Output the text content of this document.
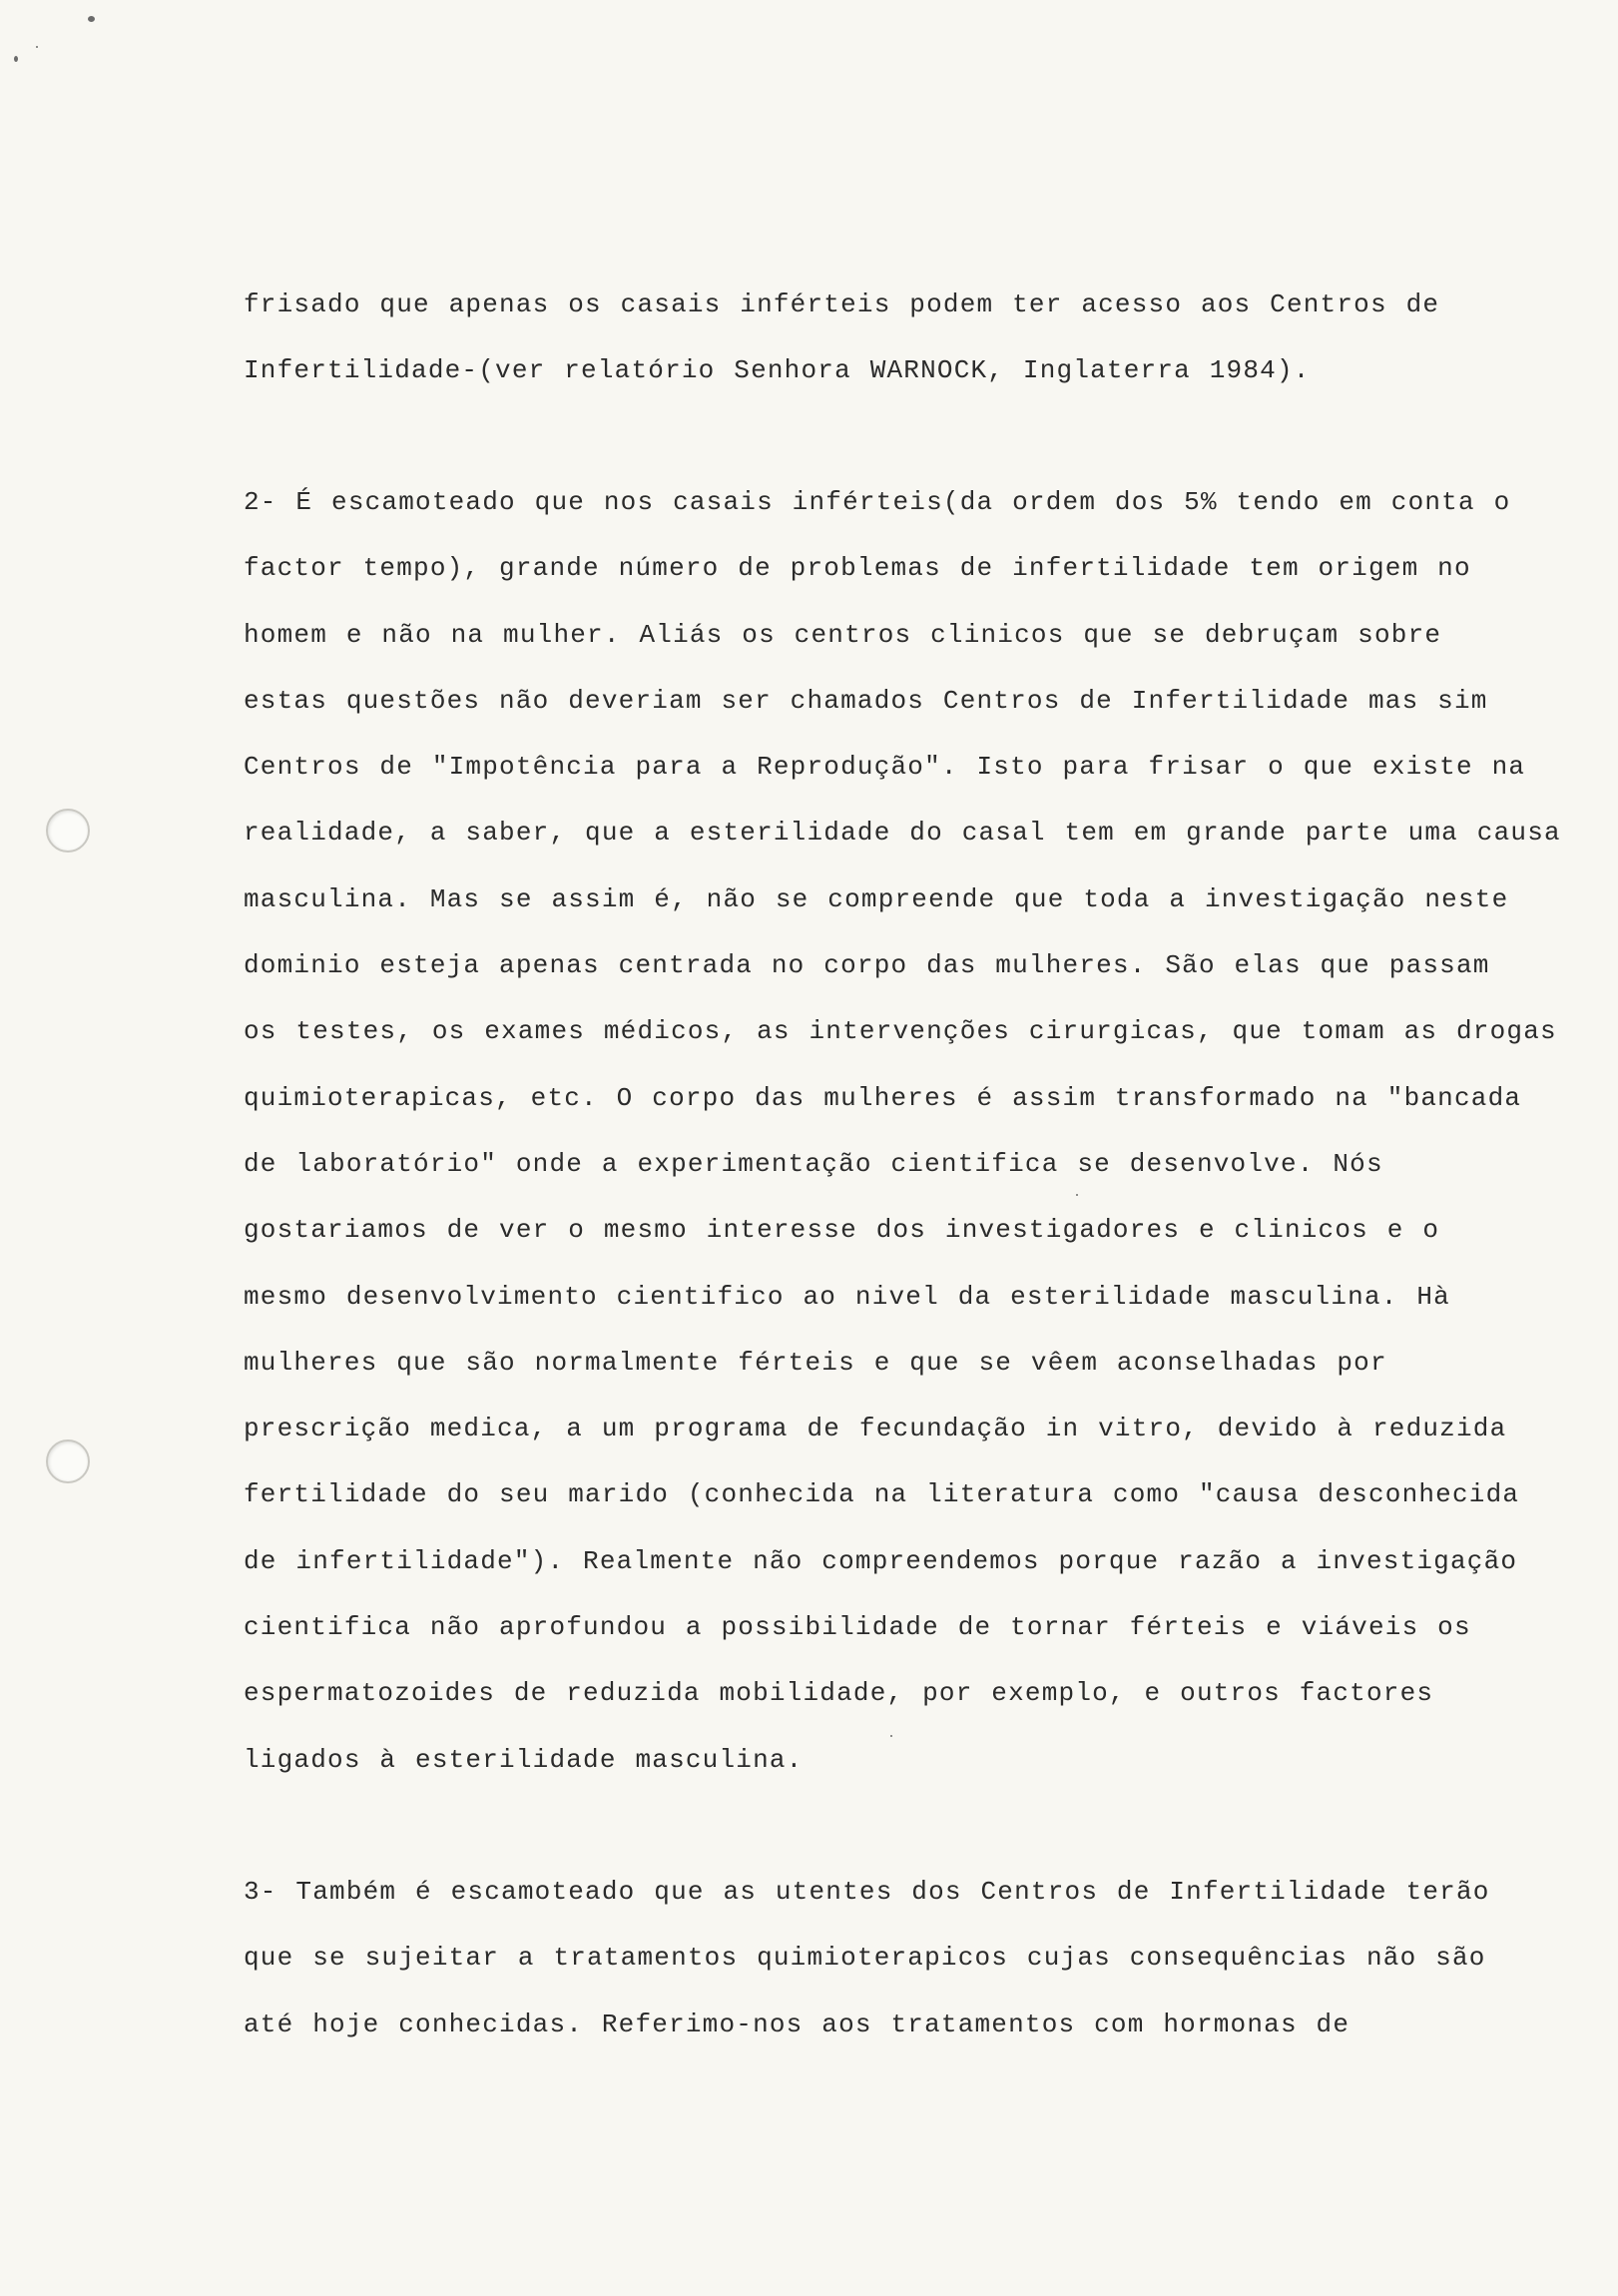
frisado que apenas os casais inférteis podem ter acesso aos Centros de
Infertilidade-(ver relatório Senhora WARNOCK, Inglaterra 1984).
2- É escamoteado que nos casais inférteis(da ordem dos 5% tendo em conta o
factor tempo), grande número de problemas de infertilidade tem origem no
homem e não na mulher. Aliás os centros clinicos que se debruçam sobre
estas questões não deveriam ser chamados Centros de Infertilidade mas sim
Centros de "Impotência para a Reprodução". Isto para frisar o que existe na
realidade, a saber, que a esterilidade do casal tem em grande parte uma causa
masculina. Mas se assim é, não se compreende que toda a investigação neste
dominio esteja apenas centrada no corpo das mulheres. São elas que passam
os testes, os exames médicos, as intervenções cirurgicas, que tomam as drogas
quimioterapicas, etc. O corpo das mulheres é assim transformado na "bancada
de laboratório" onde a experimentação cientifica se desenvolve. Nós
gostariamos de ver o mesmo interesse dos investigadores e clinicos e o
mesmo desenvolvimento cientifico ao nivel da esterilidade masculina. Hà
mulheres que são normalmente férteis e que se vêem aconselhadas por
prescrição medica, a um programa de fecundação in vitro, devido à reduzida
fertilidade do seu marido (conhecida na literatura como "causa desconhecida
de infertilidade"). Realmente não compreendemos porque razão a investigação
cientifica não aprofundou a possibilidade de tornar férteis e viáveis os
espermatozoides de reduzida mobilidade, por exemplo, e outros factores
ligados à esterilidade masculina.
3- Também é escamoteado que as utentes dos Centros de Infertilidade terão
que se sujeitar a tratamentos quimioterapicos cujas consequências não são
até hoje conhecidas. Referimo-nos aos tratamentos com hormonas de
